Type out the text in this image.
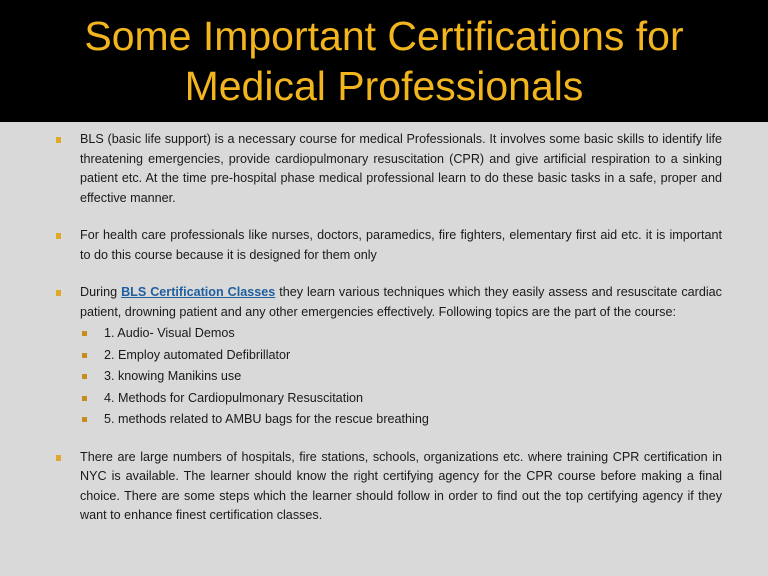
Some Important Certifications for Medical Professionals
BLS (basic life support) is a necessary course for medical Professionals. It involves some basic skills to identify life threatening emergencies, provide cardiopulmonary resuscitation (CPR) and give artificial respiration to a sinking patient etc. At the time pre-hospital phase medical professional learn to do these basic tasks in a safe, proper and effective manner.
For health care professionals like nurses, doctors, paramedics, fire fighters, elementary first aid etc. it is important to do this course because it is designed for them only
During BLS Certification Classes they learn various techniques which they easily assess and resuscitate cardiac patient, drowning patient and any other emergencies effectively. Following topics are the part of the course:
1. Audio- Visual Demos
2. Employ automated Defibrillator
3. knowing Manikins use
4. Methods for Cardiopulmonary Resuscitation
5. methods related to AMBU bags for the rescue breathing
There are large numbers of hospitals, fire stations, schools, organizations etc. where training CPR certification in NYC is available. The learner should know the right certifying agency for the CPR course before making a final choice. There are some steps which the learner should follow in order to find out the top certifying agency if they want to enhance finest certification classes.
